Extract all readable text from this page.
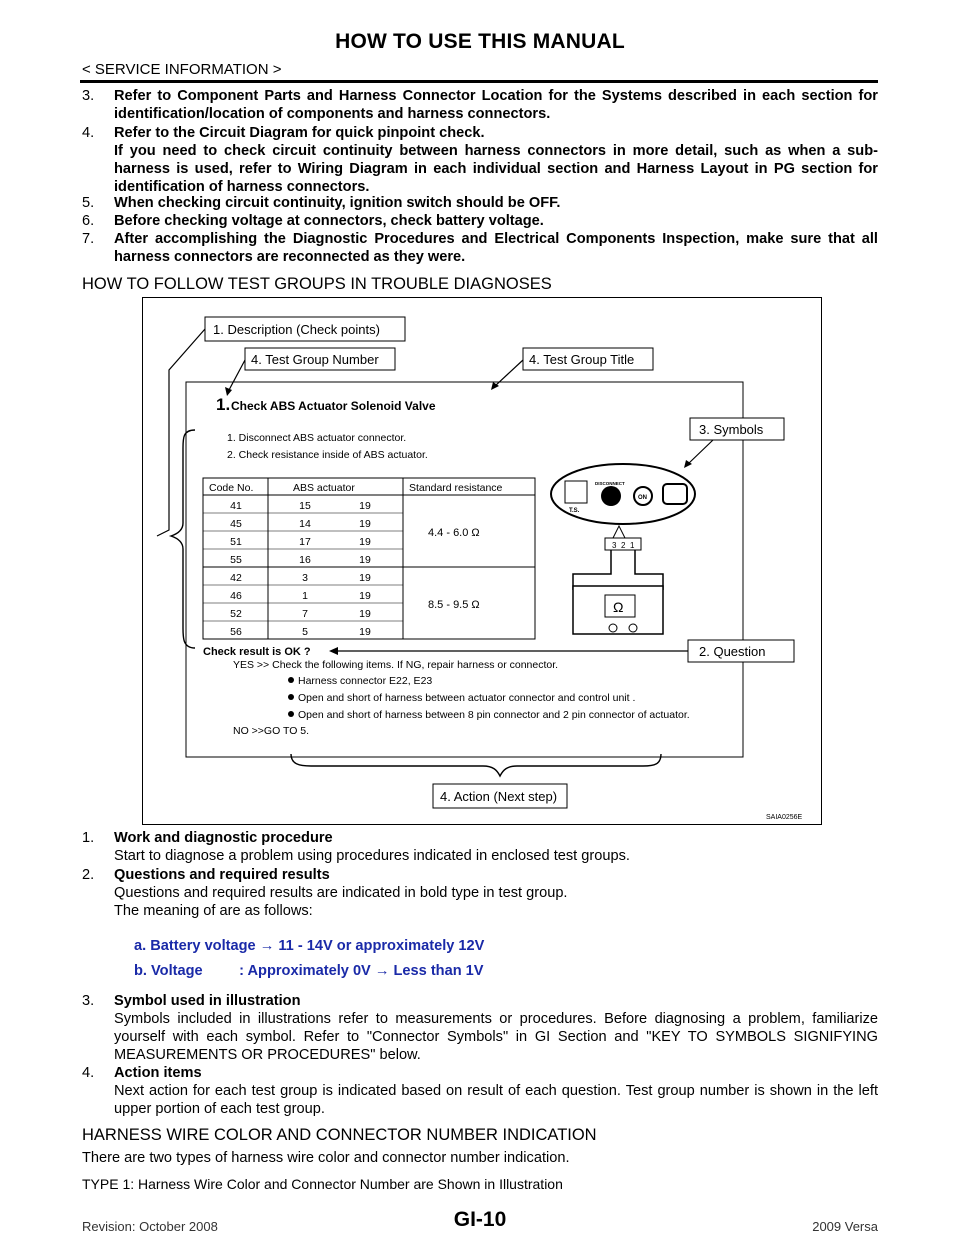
HOW TO USE THIS MANUAL
< SERVICE INFORMATION >
3. Refer to Component Parts and Harness Connector Location for the Systems described in each section for identification/location of components and harness connectors.
4. Refer to the Circuit Diagram for quick pinpoint check.
If you need to check circuit continuity between harness connectors in more detail, such as when a sub-harness is used, refer to Wiring Diagram in each individual section and Harness Layout in PG section for identification of harness connectors.
5. When checking circuit continuity, ignition switch should be OFF.
6. Before checking voltage at connectors, check battery voltage.
7. After accomplishing the Diagnostic Procedures and Electrical Components Inspection, make sure that all harness connectors are reconnected as they were.
HOW TO FOLLOW TEST GROUPS IN TROUBLE DIAGNOSES
1. Description (Check points)
4. Test Group Number	4. Test Group Title
3. Symbols
2. Question
4. Action (Next step)
1. Check ABS Actuator Solenoid Valve
1. Disconnect ABS actuator connector.
2. Check resistance inside of ABS actuator.
Code No.	ABS actuator	Standard resistance
41	15	19
45	14	19
51	17	19
55	16	19
42	3	19
46	1	19
52	7	19
56	5	19
4.4 - 6.0 Ω
8.5 - 9.5 Ω
T.S.
DISCONNECT
ON
3 2 1
Ω
Check result is OK ?
YES >> Check the following items. If NG, repair harness or connector.
Harness connector E22, E23
Open and short of harness between actuator connector and control unit .
Open and short of harness between 8 pin connector and 2 pin connector of actuator.
NO >>GO TO 5.
SAIA0256E
1. Work and diagnostic procedure
Start to diagnose a problem using procedures indicated in enclosed test groups.
2. Questions and required results
Questions and required results are indicated in bold type in test group.
The meaning of are as follows:
a. Battery voltage → 11 - 14V or approximately 12V
b. Voltage         : Approximately 0V → Less than 1V
3. Symbol used in illustration
Symbols included in illustrations refer to measurements or procedures. Before diagnosing a problem, familiarize yourself with each symbol. Refer to "Connector Symbols" in GI Section and "KEY TO SYMBOLS SIGNIFYING MEASUREMENTS OR PROCEDURES" below.
4. Action items
Next action for each test group is indicated based on result of each question. Test group number is shown in the left upper portion of each test group.
HARNESS WIRE COLOR AND CONNECTOR NUMBER INDICATION
There are two types of harness wire color and connector number indication.
TYPE 1: Harness Wire Color and Connector Number are Shown in Illustration
Revision: October 2008	GI-10	2009 Versa
